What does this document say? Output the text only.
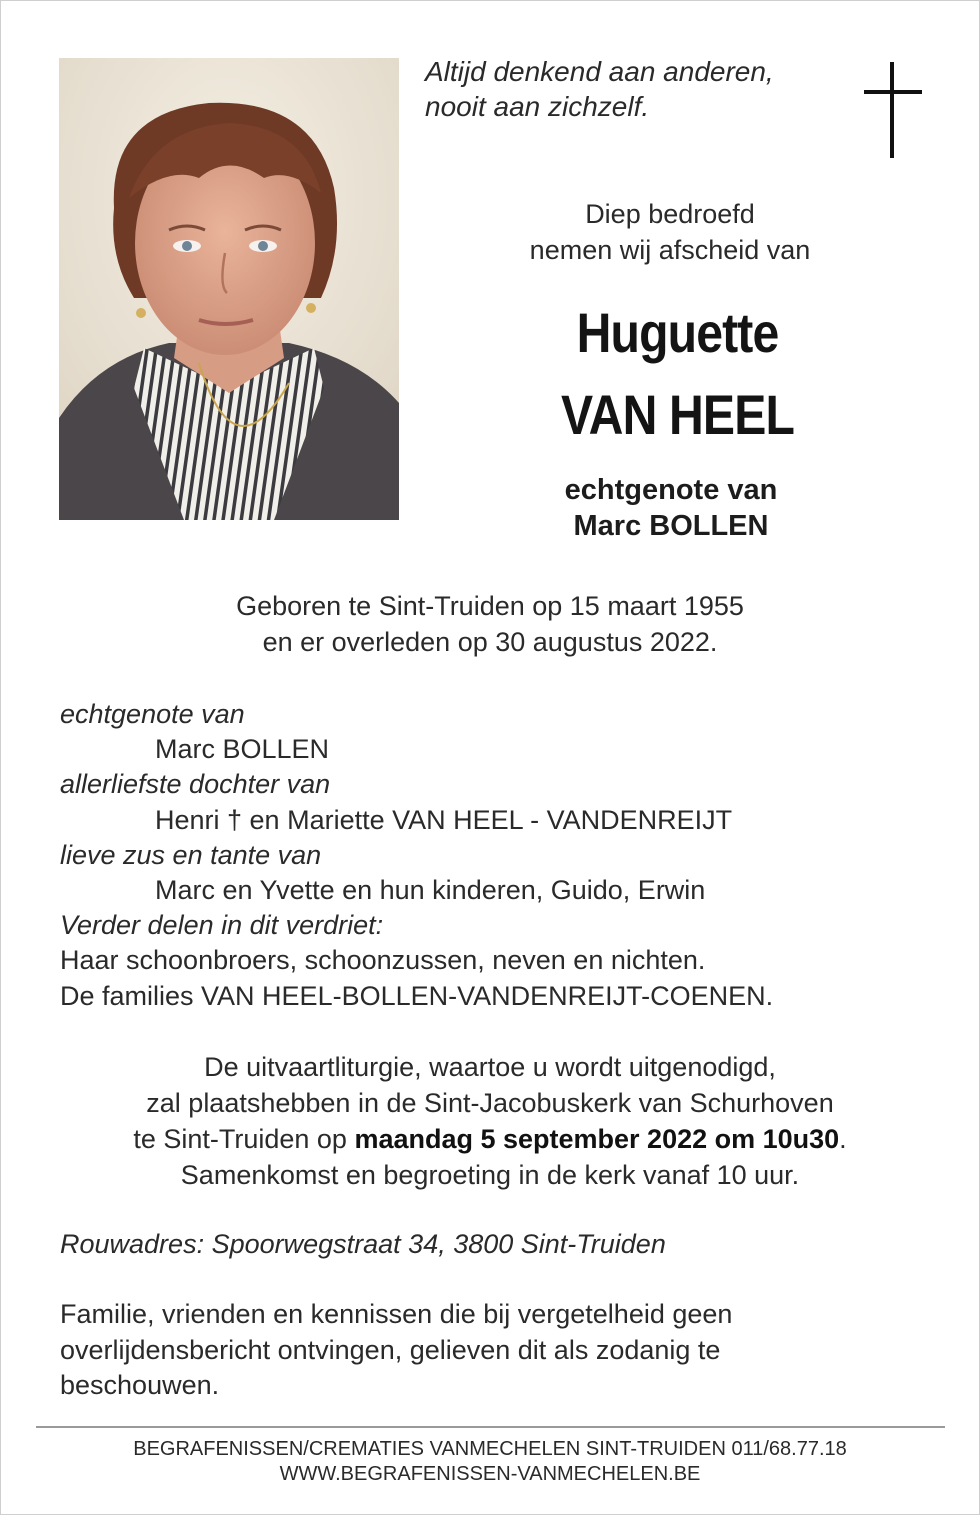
Altijd denkend aan anderen,
nooit aan zichzelf.
Diep bedroefd
nemen wij afscheid van
Huguette
VAN HEEL
echtgenote van
Marc BOLLEN
Geboren te Sint-Truiden op 15 maart 1955
en er overleden op 30 augustus 2022.
echtgenote van
Marc BOLLEN
allerliefste dochter van
Henri † en Mariette VAN HEEL - VANDENREIJT
lieve zus en tante van
Marc en Yvette en hun kinderen, Guido, Erwin
Verder delen in dit verdriet:
Haar schoonbroers, schoonzussen, neven en nichten.
De families VAN HEEL-BOLLEN-VANDENREIJT-COENEN.
De uitvaartliturgie, waartoe u wordt uitgenodigd,
zal plaatshebben in de Sint-Jacobuskerk van Schurhoven
te Sint-Truiden op maandag 5 september 2022 om 10u30.
Samenkomst en begroeting in de kerk vanaf 10 uur.
Rouwadres: Spoorwegstraat 34, 3800 Sint-Truiden
Familie, vrienden en kennissen die bij vergetelheid geen
overlijdensbericht ontvingen, gelieven dit als zodanig te
beschouwen.
BEGRAFENISSEN/CREMATIES VANMECHELEN SINT-TRUIDEN 011/68.77.18
WWW.BEGRAFENISSEN-VANMECHELEN.BE
